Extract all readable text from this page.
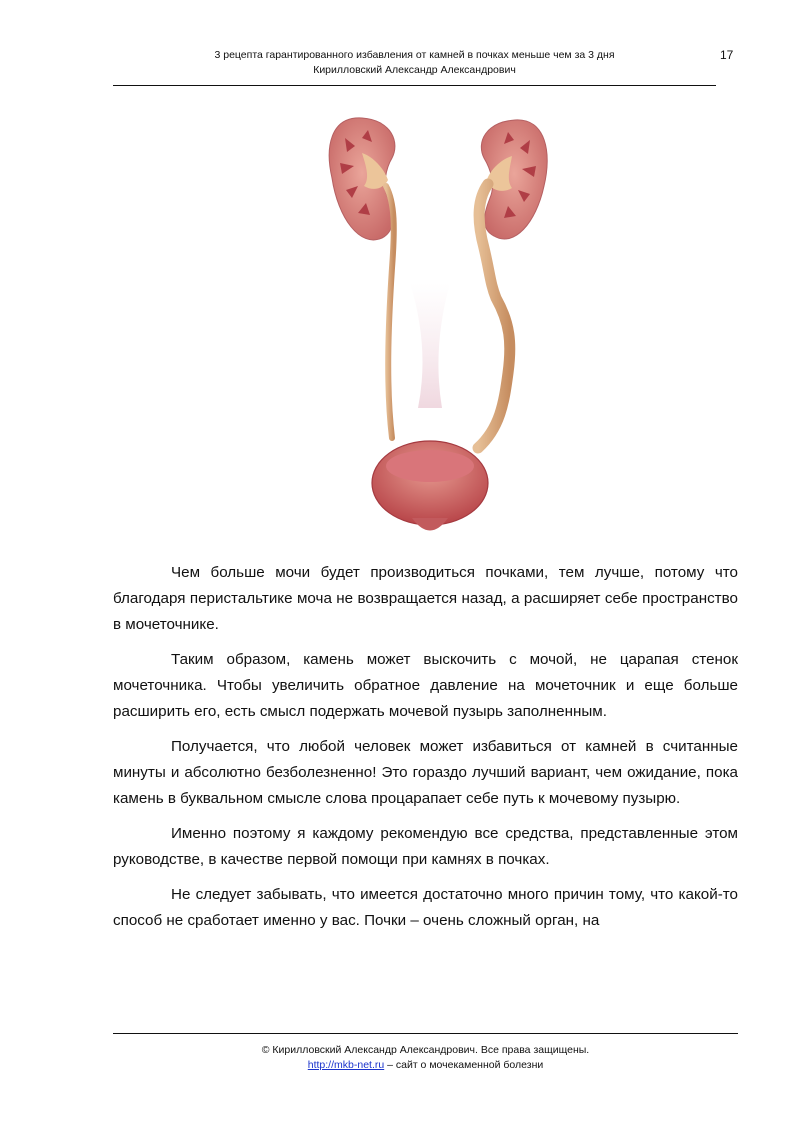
3 рецепта гарантированного избавления от камней в почках меньше чем за 3 дня
Кирилловский Александр Александрович
17

Чем больше мочи будет производиться почками, тем лучше, потому что благодаря перистальтике моча не возвращается назад, а расширяет себе пространство в мочеточнике.

Таким образом, камень может выскочить с мочой, не царапая стенок мочеточника. Чтобы увеличить обратное давление на мочеточник и еще больше расширить его, есть смысл подержать мочевой пузырь заполненным.

Получается, что любой человек может избавиться от камней в считанные минуты и абсолютно безболезненно! Это гораздо лучший вариант, чем ожидание, пока камень в буквальном смысле слова процарапает себе путь к мочевому пузырю.

Именно поэтому я каждому рекомендую все средства, представленные этом руководстве, в качестве первой помощи при камнях в почках.

Не следует забывать, что имеется достаточно много причин тому, что какой-то способ не сработает именно у вас. Почки – очень сложный орган, на

© Кирилловский Александр Александрович. Все права защищены.
http://mkb-net.ru – сайт о мочекаменной болезни
